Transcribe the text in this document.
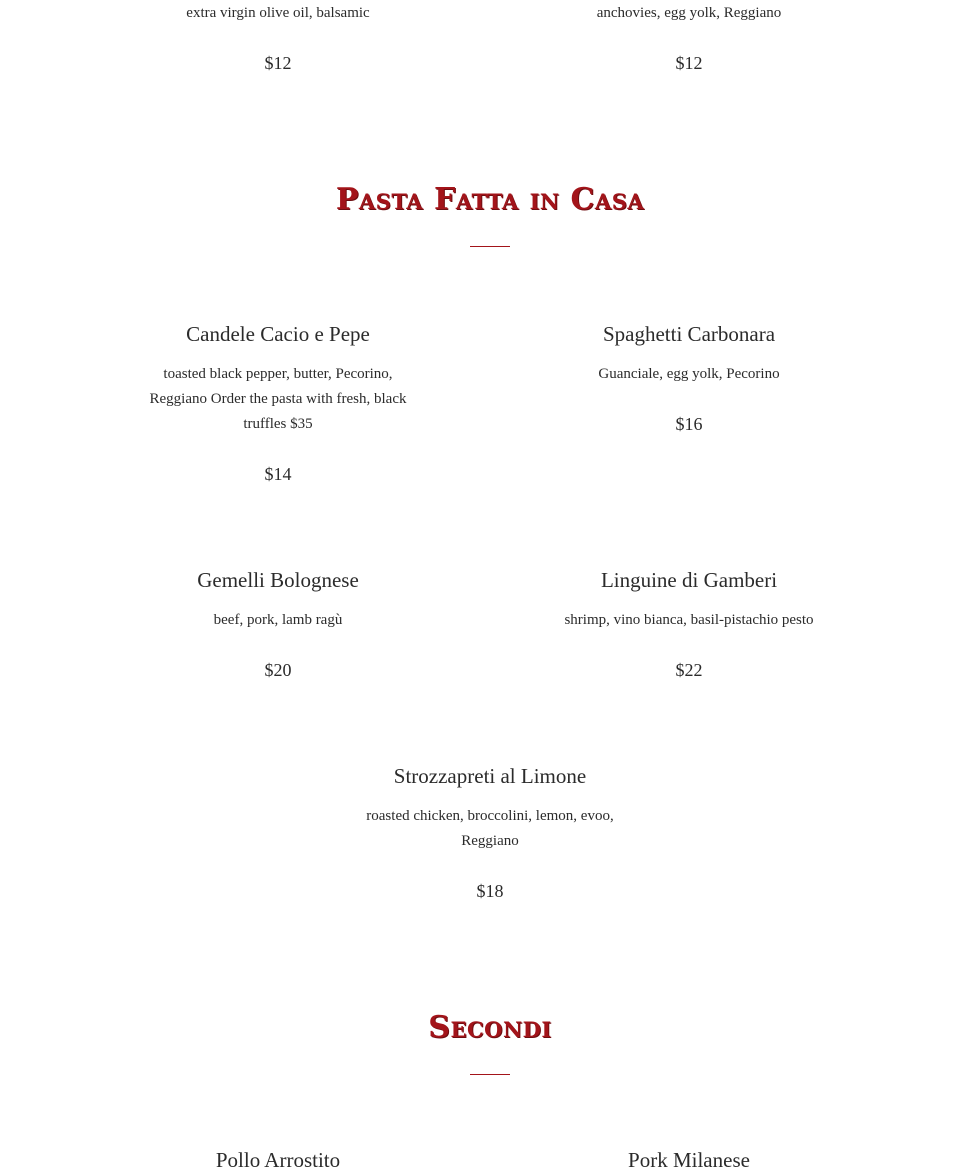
extra virgin olive oil, balsamic
$12
anchovies, egg yolk, Reggiano
$12
Pasta Fatta in Casa
Candele Cacio e Pepe
toasted black pepper, butter, Pecorino, Reggiano Order the pasta with fresh, black truffles $35
$14
Spaghetti Carbonara
Guanciale, egg yolk, Pecorino
$16
Gemelli Bolognese
beef, pork, lamb ragù
$20
Linguine di Gamberi
shrimp, vino bianca, basil-pistachio pesto
$22
Strozzapreti al Limone
roasted chicken, broccolini, lemon, evoo, Reggiano
$18
Secondi
Pollo Arrostito	Pork Milanese
